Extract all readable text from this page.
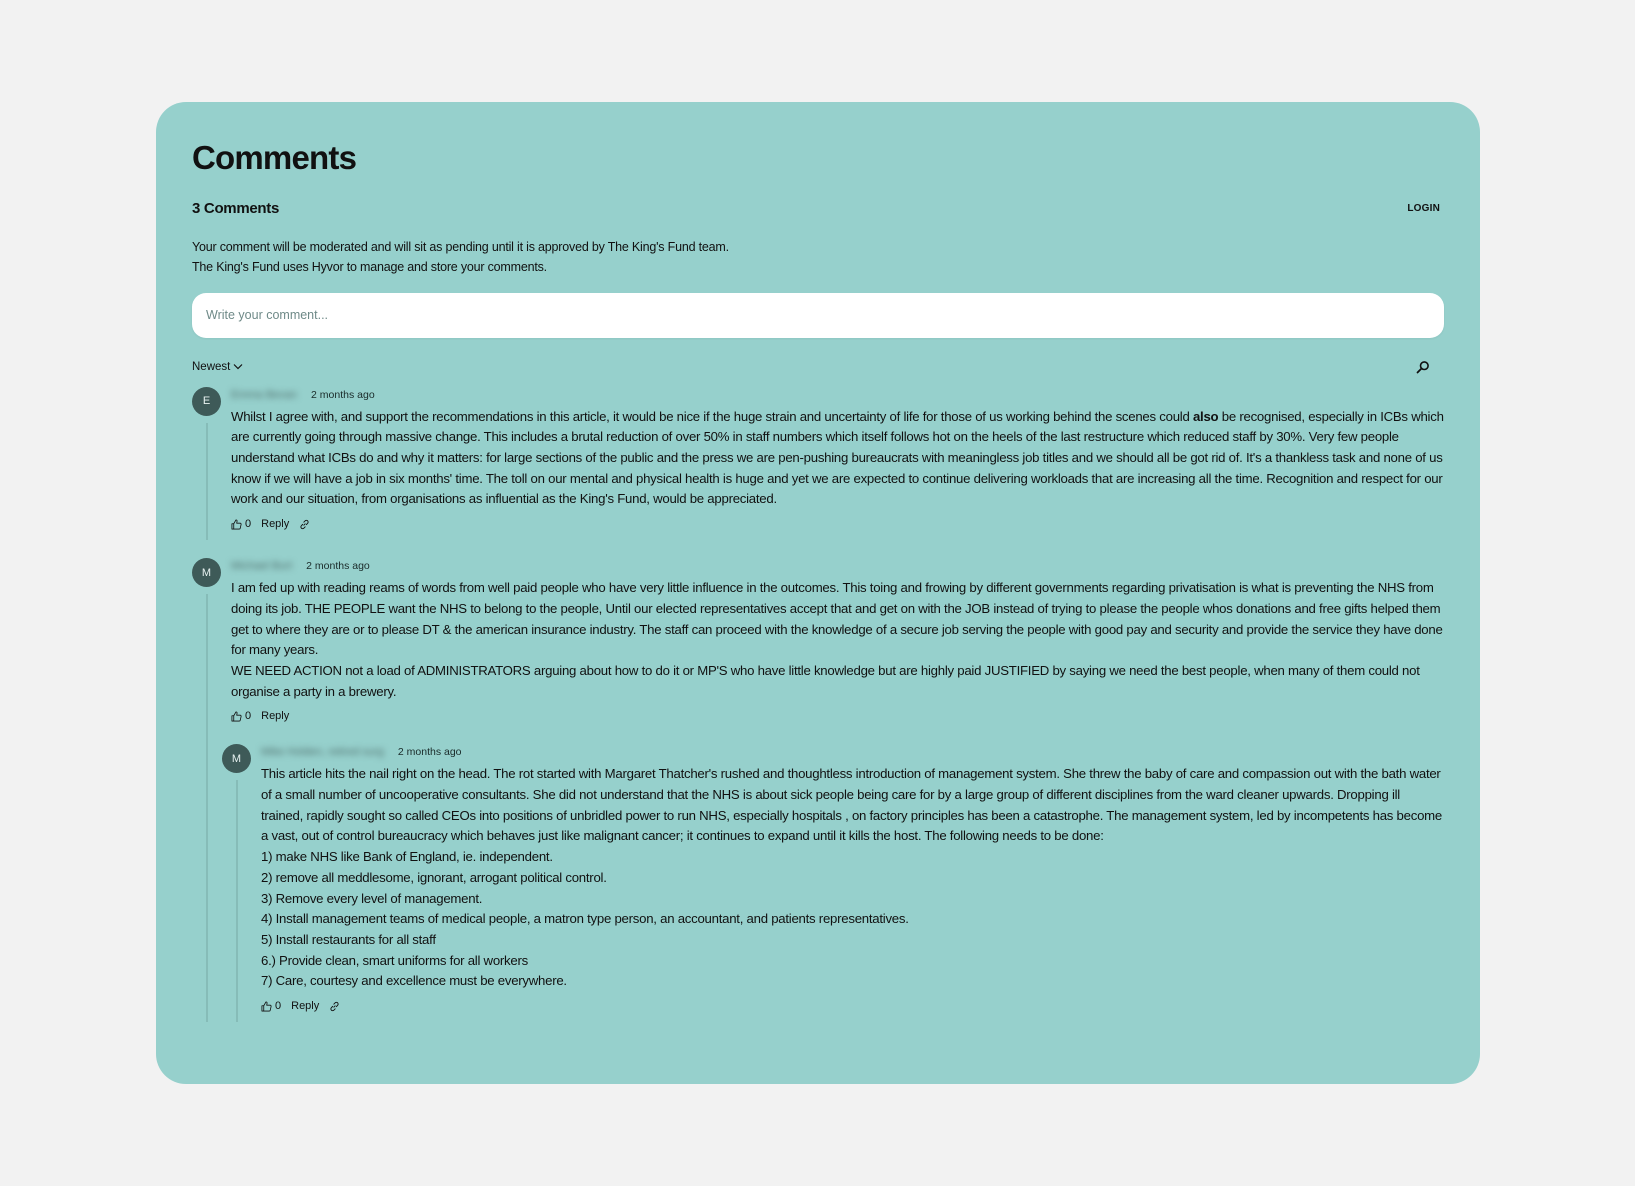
Comments
3 Comments	LOGIN
Your comment will be moderated and will sit as pending until it is approved by The King's Fund team.
The King's Fund uses Hyvor to manage and store your comments.
Write your comment...
Newest
E
Emma Bevan 2 months ago
Whilst I agree with, and support the recommendations in this article, it would be nice if the huge strain and uncertainty of life for those of us working behind the scenes could also be recognised, especially in ICBs which are currently going through massive change. This includes a brutal reduction of over 50% in staff numbers which itself follows hot on the heels of the last restructure which reduced staff by 30%. Very few people understand what ICBs do and why it matters: for large sections of the public and the press we are pen-pushing bureaucrats with meaningless job titles and we should all be got rid of. It's a thankless task and none of us know if we will have a job in six months' time. The toll on our mental and physical health is huge and yet we are expected to continue delivering workloads that are increasing all the time. Recognition and respect for our work and our situation, from organisations as influential as the King's Fund, would be appreciated.
0 Reply
M
Michael Burt 2 months ago

I am fed up with reading reams of words from well paid people who have very little influence in the outcomes. This toing and frowing by different governments regarding privatisation is what is preventing the NHS from doing its job. THE PEOPLE want the NHS to belong to the people, Until our elected representatives accept that and get on with the JOB instead of trying to please the people whos donations and free gifts helped them get to where they are or to please DT & the american insurance industry. The staff can proceed with the knowledge of a secure job serving the people with good pay and security and provide the service they have done for many years.

WE NEED ACTION not a load of ADMINISTRATORS arguing about how to do it or MP'S who have little knowledge but are highly paid JUSTIFIED by saying we need the best people, when many of them could not organise a party in a brewery.

0 Reply
M
Mike Holden, retired surg 2 months ago

This article hits the nail right on the head. The rot started with Margaret Thatcher's rushed and thoughtless introduction of management system. She threw the baby of care and compassion out with the bath water of a small number of uncooperative consultants. She did not understand that the NHS is about sick people being care for by a large group of different disciplines from the ward cleaner upwards. Dropping ill trained, rapidly sought so called CEOs into positions of unbridled power to run NHS, especially hospitals , on factory principles has been a catastrophe. The management system, led by incompetents has become a vast, out of control bureaucracy which behaves just like malignant cancer; it continues to expand until it kills the host. The following needs to be done:

1) make NHS like Bank of England, ie. independent.

2) remove all meddlesome, ignorant, arrogant political control.

3) Remove every level of management.

4) Install management teams of medical people, a matron type person, an accountant, and patients representatives.

5) Install restaurants for all staff

6.) Provide clean, smart uniforms for all workers

7) Care, courtesy and excellence must be everywhere.

0 Reply
